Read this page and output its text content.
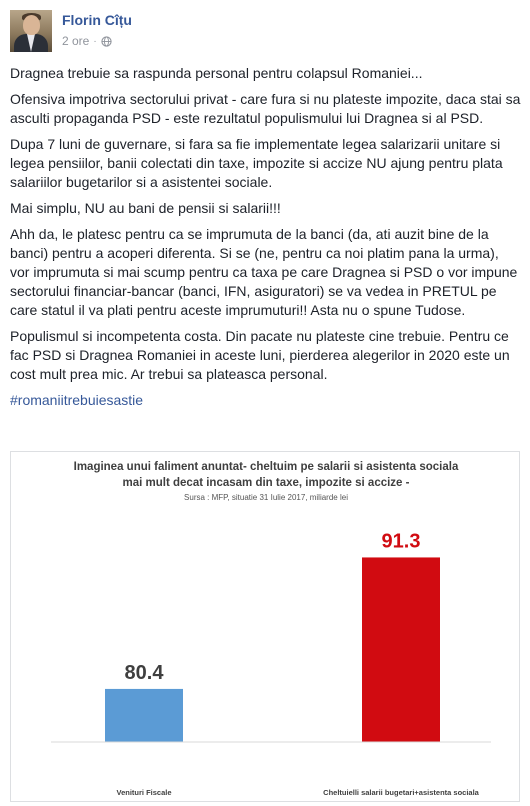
Florin Cîțu
2 ore ·

Dragnea trebuie sa raspunda personal pentru colapsul Romaniei...

Ofensiva impotriva sectorului privat - care fura si nu plateste impozite, daca stai sa asculti propaganda PSD - este rezultatul populismului lui Dragnea si al PSD.

Dupa 7 luni de guvernare, si fara sa fie implementate legea salarizarii unitare si legea pensiilor, banii colectati din taxe, impozite si accize NU ajung pentru plata salariilor bugetarilor si a asistentei sociale.

Mai simplu, NU au bani de pensii si salarii!!!

Ahh da, le platesc pentru ca se imprumuta de la banci (da, ati auzit bine de la banci) pentru a acoperi diferenta. Si se (ne, pentru ca noi platim pana la urma), vor imprumuta si mai scump pentru ca taxa pe care Dragnea si PSD o vor impune sectorului financiar-bancar (banci, IFN, asiguratori) se va vedea in PRETUL pe care statul il va plati pentru aceste imprumuturi!! Asta nu o spune Tudose.

Populismul si incompetenta costa. Din pacate nu plateste cine trebuie. Pentru ce fac PSD si Dragnea Romaniei in aceste luni, pierderea alegerilor in 2020 este un cost mult prea mic. Ar trebui sa plateasca personal.

#romaniitrebuiesastie

Imaginea unui faliment anuntat- cheltuim pe salarii si asistenta sociala
mai mult decat incasam din taxe, impozite si accize -
Sursa : MFP, situatie 31 Iulie 2017, miliarde lei
80.4
Venituri Fiscale
91.3
Cheltuielli salarii bugetari+asistenta sociala
